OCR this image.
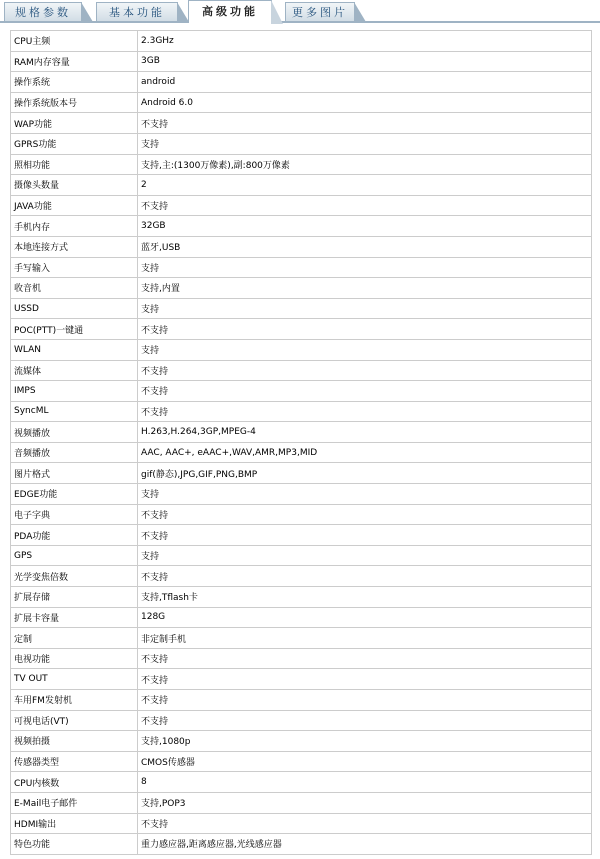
规格参数	基本功能	高级功能	更多图片
CPU主频	2.3GHz
RAM内存容量	3GB
操作系统	android
操作系统版本号	Android 6.0
WAP功能	不支持
GPRS功能	支持
照相功能	支持,主:(1300万像素),副:800万像素
摄像头数量	2
JAVA功能	不支持
手机内存	32GB
本地连接方式	蓝牙,USB
手写输入	支持
收音机	支持,内置
USSD	支持
POC(PTT)一键通	不支持
WLAN	支持
流媒体	不支持
IMPS	不支持
SyncML	不支持
视频播放	H.263,H.264,3GP,MPEG-4
音频播放	AAC, AAC+, eAAC+,WAV,AMR,MP3,MID
图片格式	gif(静态),JPG,GIF,PNG,BMP
EDGE功能	支持
电子字典	不支持
PDA功能	不支持
GPS	支持
光学变焦倍数	不支持
扩展存储	支持,Tflash卡
扩展卡容量	128G
定制	非定制手机
电视功能	不支持
TV OUT	不支持
车用FM发射机	不支持
可视电话(VT)	不支持
视频拍摄	支持,1080p
传感器类型	CMOS传感器
CPU内核数	8
E-Mail电子邮件	支持,POP3
HDMI输出	不支持
特色功能	重力感应器,距离感应器,光线感应器
